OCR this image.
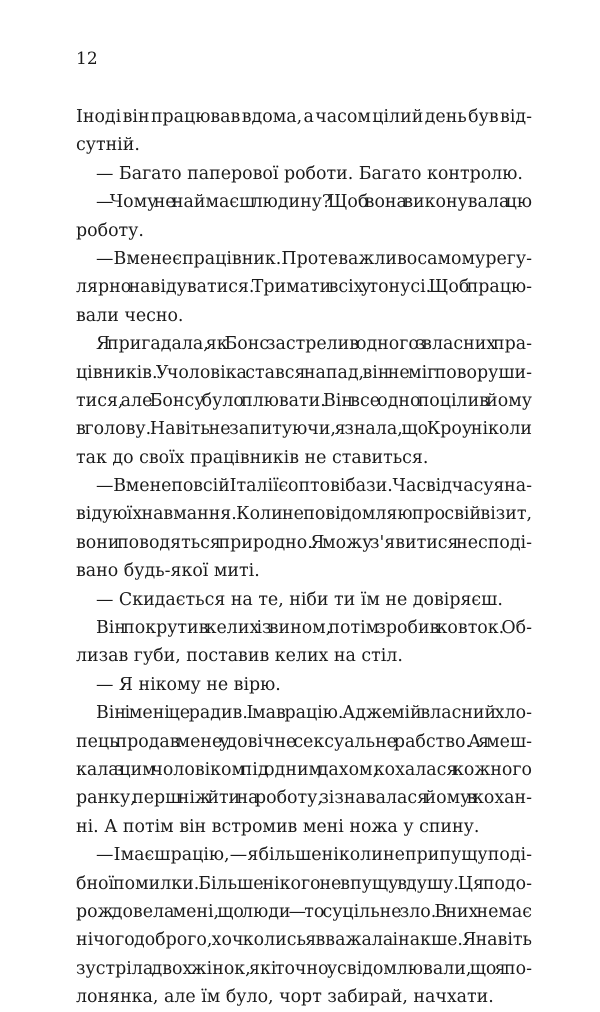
12
Іноді він працював вдома, а часом цілий день був від-
сутній.
— Багато паперової роботи. Багато контролю.
— Чому не наймаєш людину? Щоб вона виконувала цю
роботу.
— В мене є працівник. Проте важливо самому регу-
лярно навідуватися. Тримати всіх у тонусі. Щоб працю-
вали чесно.
Я пригадала, як Бонс застрелив одного з власних пра-
цівників. У чоловіка стався напад, він не міг поворуши-
тися, але Бонсу було плювати. Він все одно поцілив йому
в голову. Навіть не запитуючи, я знала, що Кроу ніколи
так до своїх працівників не ставиться.
— В мене по всій Італії є оптові бази. Час від часу я на-
відую їх навмання. Коли не повідомляю про свій візит,
вони поводяться природно. Я можу з'явитися несподі-
вано будь-якої миті.
— Скидається на те, ніби ти їм не довіряєш.
Він покрутив келих із вином, потім зробив ковток. Об-
лизав губи, поставив келих на стіл.
— Я нікому не вірю.
Він і мені це радив. І мав рацію. Адже мій власний хло-
пець продав мене у довічне сексуальне рабство. А я меш-
кала з цим чоловіком під одним дахом, кохалася кожного
ранку, перш ніж йти на роботу, зізнавалася йому в кохан-
ні. А потім він встромив мені ножа у спину.
— І маєш рацію, — я більше ніколи не припущу поді-
бної помилки. Більше нікого не впущу в душу. Ця подо-
рож довела мені, що люди — то суцільне зло. В них немає
нічого доброго, хоч колись я вважала інакше. Я навіть
зустріла двох жінок, які точно усвідомлювали, що я по-
лонянка, але їм було, чорт забирай, начхати.
